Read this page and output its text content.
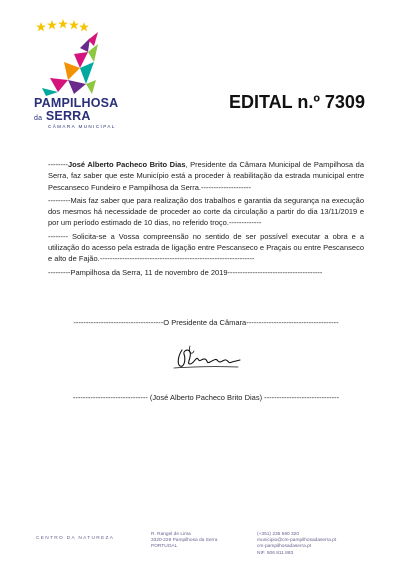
PAMPILHOSA
da SERRA
CÂMARA MUNICIPAL
EDITAL n.º 7309

--------José Alberto Pacheco Brito Dias, Presidente da Câmara Municipal de Pampilhosa da Serra, faz saber que este Município está a proceder à reabilitação da estrada municipal entre Pescanseco Fundeiro e Pampilhosa da Serra.--------------------

---------Mais faz saber que para realização dos trabalhos e garantia da segurança na execução dos mesmos há necessidade de proceder ao corte da circulação a partir do dia 13/11/2019 e por um período estimado de 10 dias, no referido troço.-------------

-------- Solicita-se a Vossa compreensão no sentido de ser possível executar a obra e a utilização do acesso pela estrada de ligação entre Pescanseco e Praçais ou entre Pescanseco e alto de Fajão.--------------------------------------------------------------

---------Pampilhosa da Serra, 11 de novembro de 2019--------------------------------------

------------------------------------O Presidente da Câmara-------------------------------------
------------------------------ (José Alberto Pacheco Brito Dias) ------------------------------
CENTRO DA NATUREZA
R. Rangel de Lima
3320-229 Pampilhosa da Serra
PORTUGAL
(+351) 235 590 320
municipio@cm-pampilhosadaserra.pt
cm-pampilhosadaserra.pt
NIF. 506 811 883
